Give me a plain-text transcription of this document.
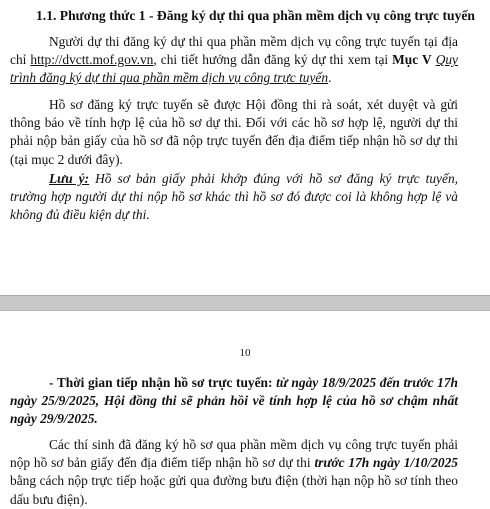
1.1. Phương thức 1 - Đăng ký dự thi qua phần mềm dịch vụ công trực tuyến
Người dự thi đăng ký dự thi qua phần mềm dịch vụ công trực tuyến tại địa chỉ http://dvctt.mof.gov.vn, chi tiết hướng dẫn đăng ký dự thi xem tại Mục V Quy trình đăng ký dự thi qua phần mềm dịch vụ công trực tuyến.
Hồ sơ đăng ký trực tuyến sẽ được Hội đồng thi rà soát, xét duyệt và gửi thông báo về tính hợp lệ của hồ sơ dự thi. Đối với các hồ sơ hợp lệ, người dự thi phải nộp bản giấy của hồ sơ đã nộp trực tuyến đến địa điểm tiếp nhận hồ sơ dự thi (tại mục 2 dưới đây).
Lưu ý: Hồ sơ bản giấy phải khớp đúng với hồ sơ đăng ký trực tuyến, trường hợp người dự thi nộp hồ sơ khác thì hồ sơ đó được coi là không hợp lệ và không đủ điều kiện dự thi.
10
- Thời gian tiếp nhận hồ sơ trực tuyến: từ ngày 18/9/2025 đến trước 17h ngày 25/9/2025, Hội đồng thi sẽ phản hồi về tính hợp lệ của hồ sơ chậm nhất ngày 29/9/2025.
Các thí sinh đã đăng ký hồ sơ qua phần mềm dịch vụ công trực tuyến phải nộp hồ sơ bản giấy đến địa điểm tiếp nhận hồ sơ dự thi trước 17h ngày 1/10/2025 bằng cách nộp trực tiếp hoặc gửi qua đường bưu điện (thời hạn nộp hồ sơ tính theo dấu bưu điện).
